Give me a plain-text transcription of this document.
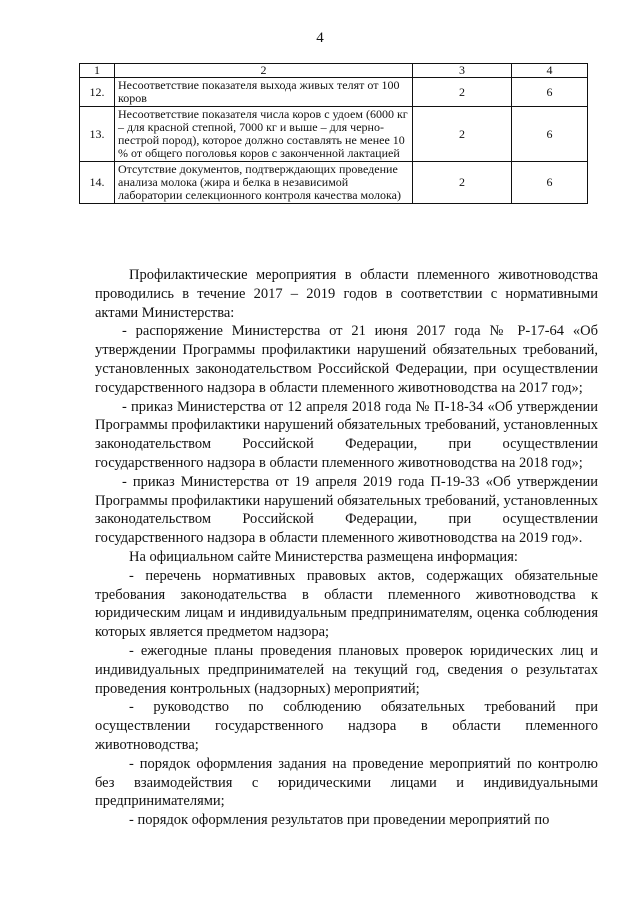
4
1	2	3	4
12.	Несоответствие показателя выхода живых телят от 100 коров	2	6
13.	Несоответствие показателя числа коров с удоем (6000 кг – для красной степной, 7000 кг и выше – для черно-пестрой пород), которое должно составлять не менее 10 % от общего поголовья коров с законченной лактацией	2	6
14.	Отсутствие документов, подтверждающих проведение анализа молока (жира и белка в независимой лаборатории селекционного контроля качества молока)	2	6

Профилактические мероприятия в области племенного животноводства проводились в течение 2017 – 2019 годов в соответствии с нормативными актами Министерства:

- распоряжение Министерства от 21 июня 2017 года № Р-17-64 «Об утверждении Программы профилактики нарушений обязательных требований, установленных законодательством Российской Федерации, при осуществлении государственного надзора в области племенного животноводства на 2017 год»;

- приказ Министерства от 12 апреля 2018 года № П-18-34 «Об утверждении Программы профилактики нарушений обязательных требований, установленных законодательством Российской Федерации, при осуществлении государственного надзора в области племенного животноводства на 2018 год»;

- приказ Министерства от 19 апреля 2019 года П-19-33 «Об утверждении Программы профилактики нарушений обязательных требований, установленных законодательством Российской Федерации, при осуществлении государственного надзора в области племенного животноводства на 2019 год».

На официальном сайте Министерства размещена информация:

- перечень нормативных правовых актов, содержащих обязательные требования законодательства в области племенного животноводства к юридическим лицам и индивидуальным предпринимателям, оценка соблюдения которых является предметом надзора;

- ежегодные планы проведения плановых проверок юридических лиц и индивидуальных предпринимателей на текущий год, сведения о результатах проведения контрольных (надзорных) мероприятий;

- руководство по соблюдению обязательных требований при осуществлении государственного надзора в области племенного животноводства;

- порядок оформления задания на проведение мероприятий по контролю без взаимодействия с юридическими лицами и индивидуальными предпринимателями;

- порядок оформления результатов при проведении мероприятий по
